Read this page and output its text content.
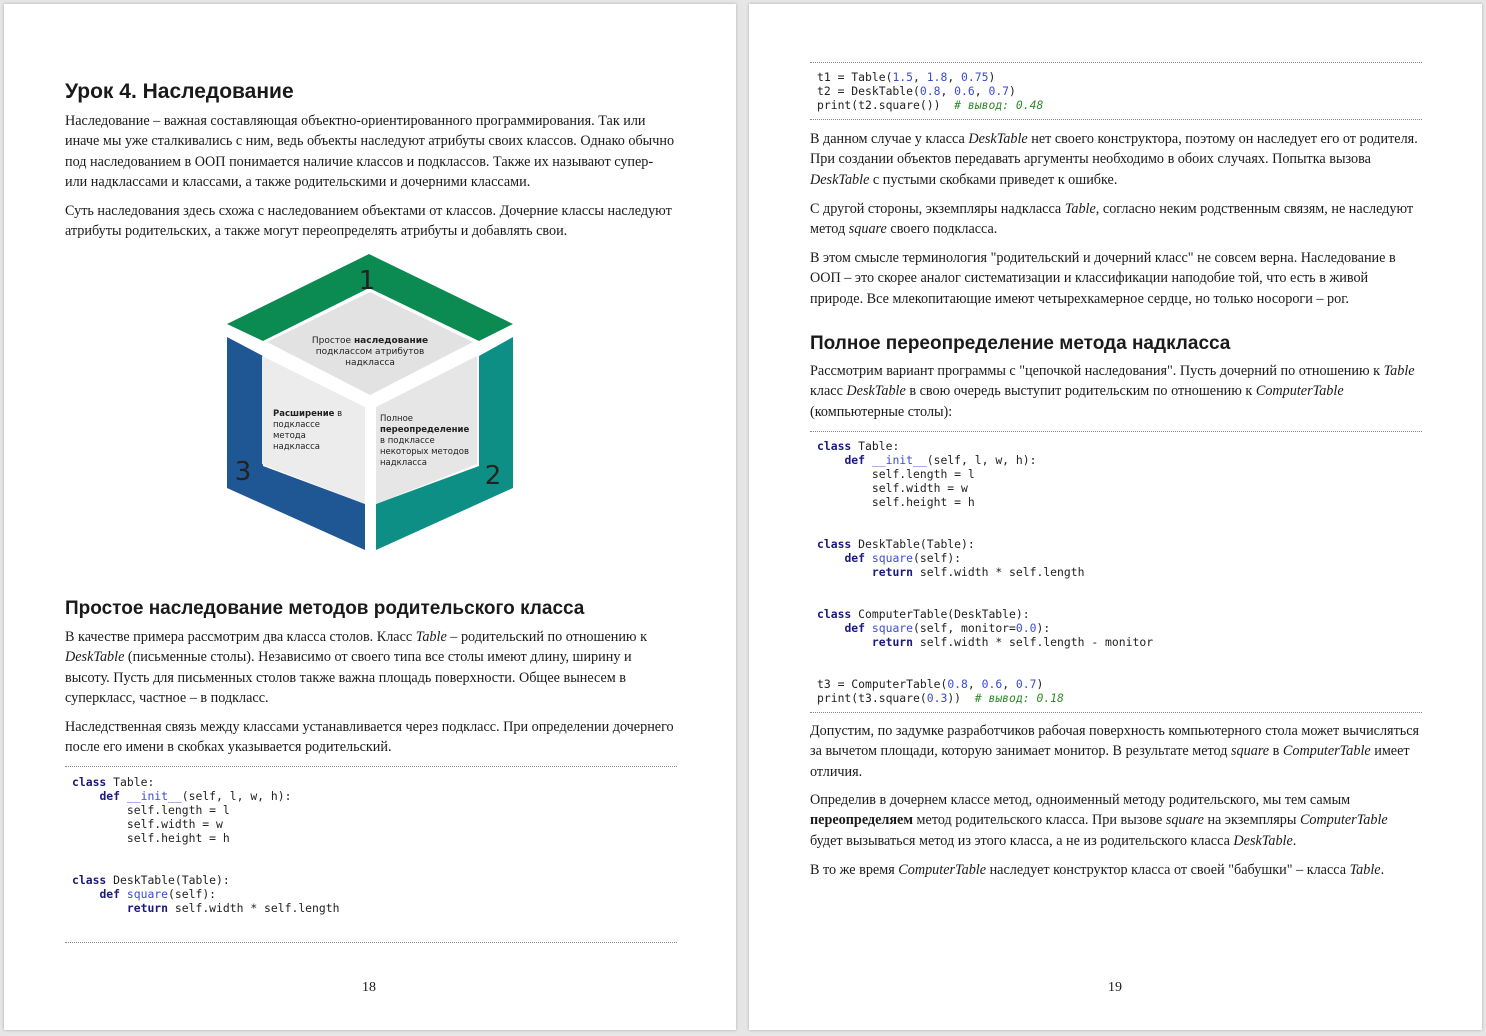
Урок 4. Наследование

Наследование – важная составляющая объектно-ориентированного программирования. Так или иначе мы уже сталкивались с ним, ведь объекты наследуют атрибуты своих классов. Однако обычно под наследованием в ООП понимается наличие классов и подклассов. Также их называют супер- или надклассами и классами, а также родительскими и дочерними классами.

Суть наследования здесь схожа с наследованием объектами от классов. Дочерние классы наследуют атрибуты родительских, а также могут переопределять атрибуты и добавлять свои.

1
2
3
Простое наследование
подклассом атрибутов
надкласса
Расширение в
подклассе
метода
надкласса
Полное
переопределение
в подклассе
некоторых методов
надкласса
Простое наследование методов родительского класса

В качестве примера рассмотрим два класса столов. Класс Table – родительский по отношению к DeskTable (письменные столы). Независимо от своего типа все столы имеют длину, ширину и высоту. Пусть для письменных столов также важна площадь поверхности. Общее вынесем в суперкласс, частное – в подкласс.

Наследственная связь между классами устанавливается через подкласс. При определении дочернего после его имени в скобках указывается родительский.

class Table:
def __init__(self, l, w, h):
self.length = l
self.width = w
self.height = h

class DeskTable(Table):
def square(self):
return self.width * self.length
18
t1 = Table(1.5, 1.8, 0.75)
t2 = DeskTable(0.8, 0.6, 0.7)
print(t2.square())  # вывод: 0.48

В данном случае у класса DeskTable нет своего конструктора, поэтому он наследует его от родителя. При создании объектов передавать аргументы необходимо в обоих случаях. Попытка вызова DeskTable с пустыми скобками приведет к ошибке.

С другой стороны, экземпляры надкласса Table, согласно неким родственным связям, не наследуют метод square своего подкласса.

В этом смысле терминология "родительский и дочерний класс" не совсем верна. Наследование в ООП – это скорее аналог систематизации и классификации наподобие той, что есть в живой природе. Все млекопитающие имеют четырехкамерное сердце, но только носороги – рог.

Полное переопределение метода надкласса

Рассмотрим вариант программы с "цепочкой наследования". Пусть дочерний по отношению к Table класс DeskTable в свою очередь выступит родительским по отношению к ComputerTable (компьютерные столы):

class Table:
def __init__(self, l, w, h):
self.length = l
self.width = w
self.height = h

class DeskTable(Table):
def square(self):
return self.width * self.length

class ComputerTable(DeskTable):
def square(self, monitor=0.0):
return self.width * self.length - monitor

t3 = ComputerTable(0.8, 0.6, 0.7)
print(t3.square(0.3))  # вывод: 0.18

Допустим, по задумке разработчиков рабочая поверхность компьютерного стола может вычисляться за вычетом площади, которую занимает монитор. В результате метод square в ComputerTable имеет отличия.

Определив в дочернем классе метод, одноименный методу родительского, мы тем самым переопределяем метод родительского класса. При вызове square на экземпляры ComputerTable будет вызываться метод из этого класса, а не из родительского класса DeskTable.

В то же время ComputerTable наследует конструктор класса от своей "бабушки" – класса Table.

19
